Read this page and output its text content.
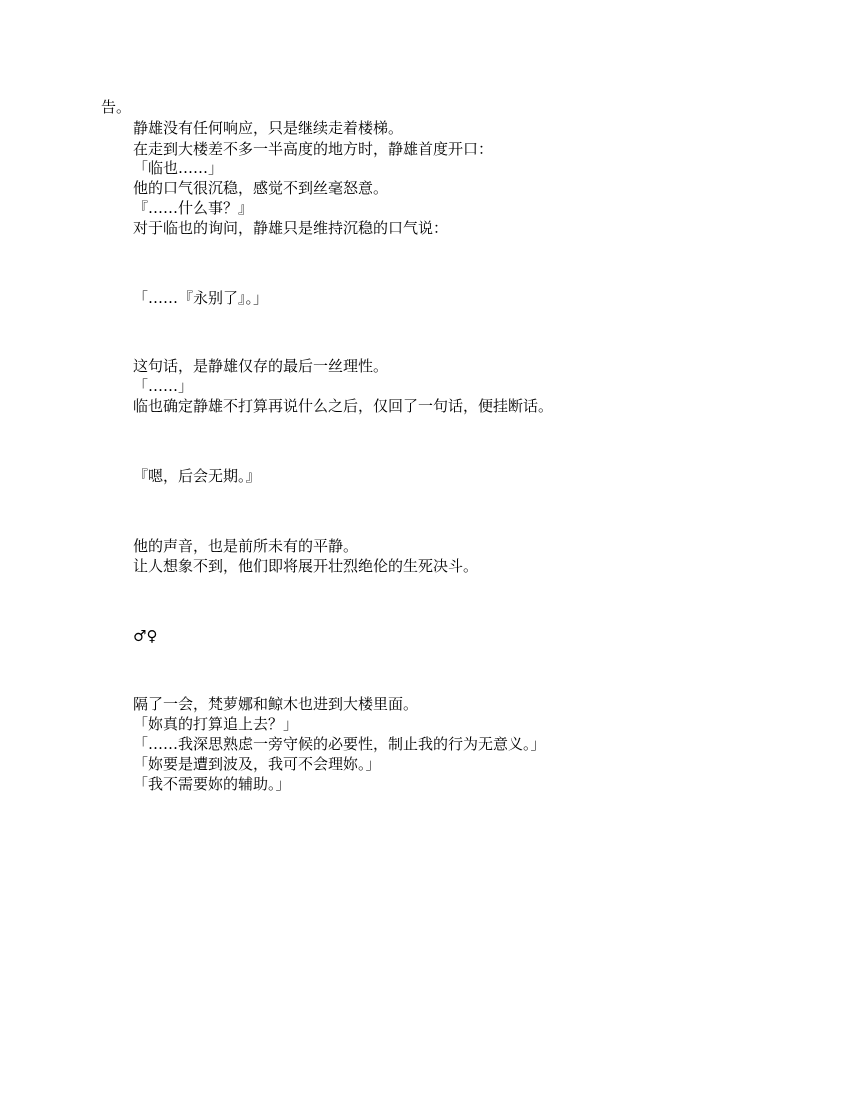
告。
静雄没有任何响应，只是继续走着楼梯。
在走到大楼差不多一半高度的地方时，静雄首度开口：
「临也……」
他的口气很沉稳，感觉不到丝毫怒意。
『……什么事？』
对于临也的询问，静雄只是维持沉稳的口气说：
「……『永别了』。」
这句话，是静雄仅存的最后一丝理性。
「……」
临也确定静雄不打算再说什么之后，仅回了一句话，便挂断话。
『嗯，后会无期。』
他的声音，也是前所未有的平静。
让人想象不到，他们即将展开壮烈绝伦的生死决斗。
♂♀
隔了一会，梵萝娜和鲸木也进到大楼里面。
「妳真的打算追上去？」
「……我深思熟虑一旁守候的必要性，制止我的行为无意义。」
「妳要是遭到波及，我可不会理妳。」
「我不需要妳的辅助。」
